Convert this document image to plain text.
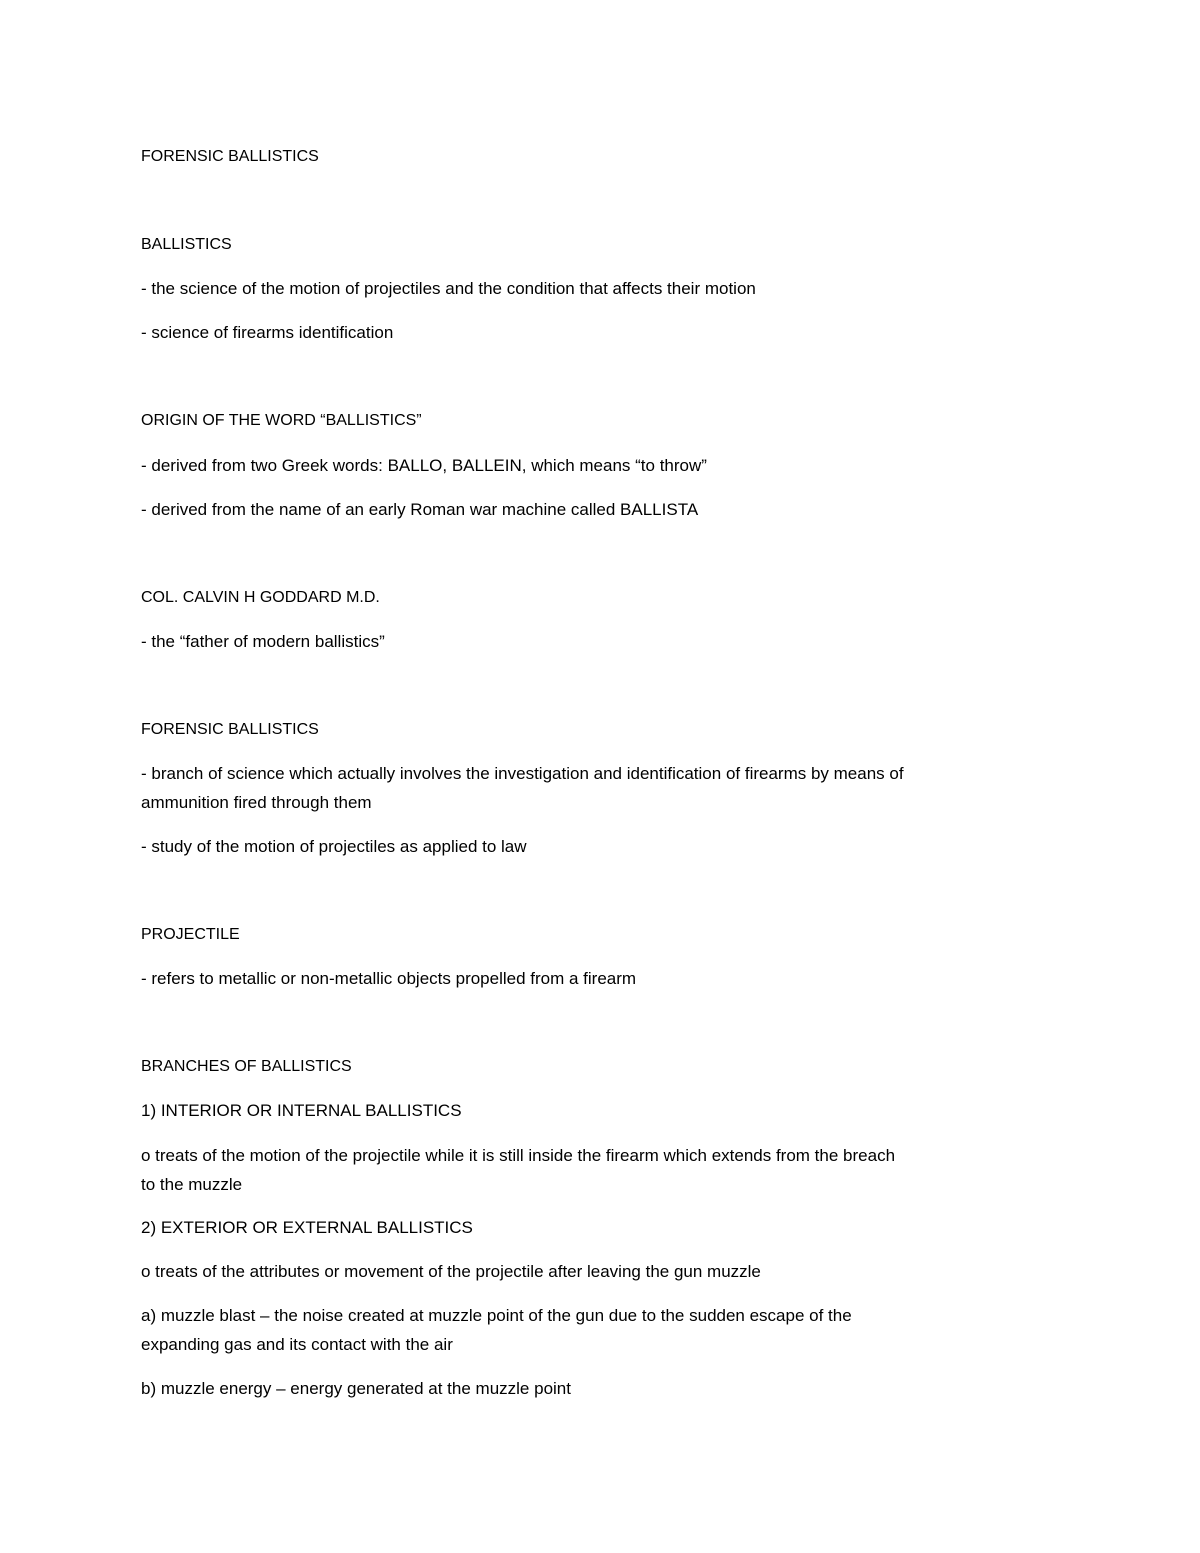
FORENSIC BALLISTICS
BALLISTICS
- the science of the motion of projectiles and the condition that affects their motion
- science of firearms identification
ORIGIN OF THE WORD “BALLISTICS”
- derived from two Greek words: BALLO, BALLEIN, which means “to throw”
- derived from the name of an early Roman war machine called BALLISTA
COL. CALVIN H GODDARD M.D.
- the “father of modern ballistics”
FORENSIC BALLISTICS
- branch of science which actually involves the investigation and identification of firearms by means of
ammunition fired through them
- study of the motion of projectiles as applied to law
PROJECTILE
- refers to metallic or non-metallic objects propelled from a firearm
BRANCHES OF BALLISTICS
1) INTERIOR OR INTERNAL BALLISTICS
o treats of the motion of the projectile while it is still inside the firearm which extends from the breach
to the muzzle
2) EXTERIOR OR EXTERNAL BALLISTICS
o treats of the attributes or movement of the projectile after leaving the gun muzzle
a) muzzle blast – the noise created at muzzle point of the gun due to the sudden escape of the
expanding gas and its contact with the air
b) muzzle energy – energy generated at the muzzle point
